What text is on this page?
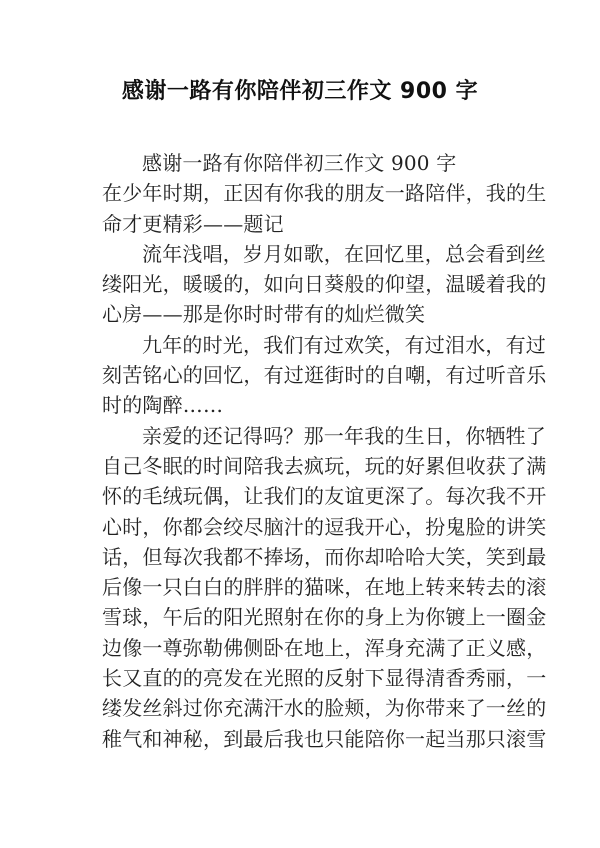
感谢一路有你陪伴初三作文 900 字
感谢一路有你陪伴初三作文 900 字
在少年时期，正因有你我的朋友一路陪伴，我的生
命才更精彩——题记
流年浅唱，岁月如歌，在回忆里，总会看到丝
缕阳光，暖暖的，如向日葵般的仰望，温暖着我的
心房——那是你时时带有的灿烂微笑
九年的时光，我们有过欢笑，有过泪水，有过
刻苦铭心的回忆，有过逛街时的自嘲，有过听音乐
时的陶醉……
亲爱的还记得吗？那一年我的生日，你牺牲了
自己冬眠的时间陪我去疯玩，玩的好累但收获了满
怀的毛绒玩偶，让我们的友谊更深了。每次我不开
心时，你都会绞尽脑汁的逗我开心，扮鬼脸的讲笑
话，但每次我都不捧场，而你却哈哈大笑，笑到最
后像一只白白的胖胖的猫咪，在地上转来转去的滚
雪球，午后的阳光照射在你的身上为你镀上一圈金
边像一尊弥勒佛侧卧在地上，浑身充满了正义感，
长又直的的亮发在光照的反射下显得清香秀丽，一
缕发丝斜过你充满汗水的脸颊，为你带来了一丝的
稚气和神秘，到最后我也只能陪你一起当那只滚雪
